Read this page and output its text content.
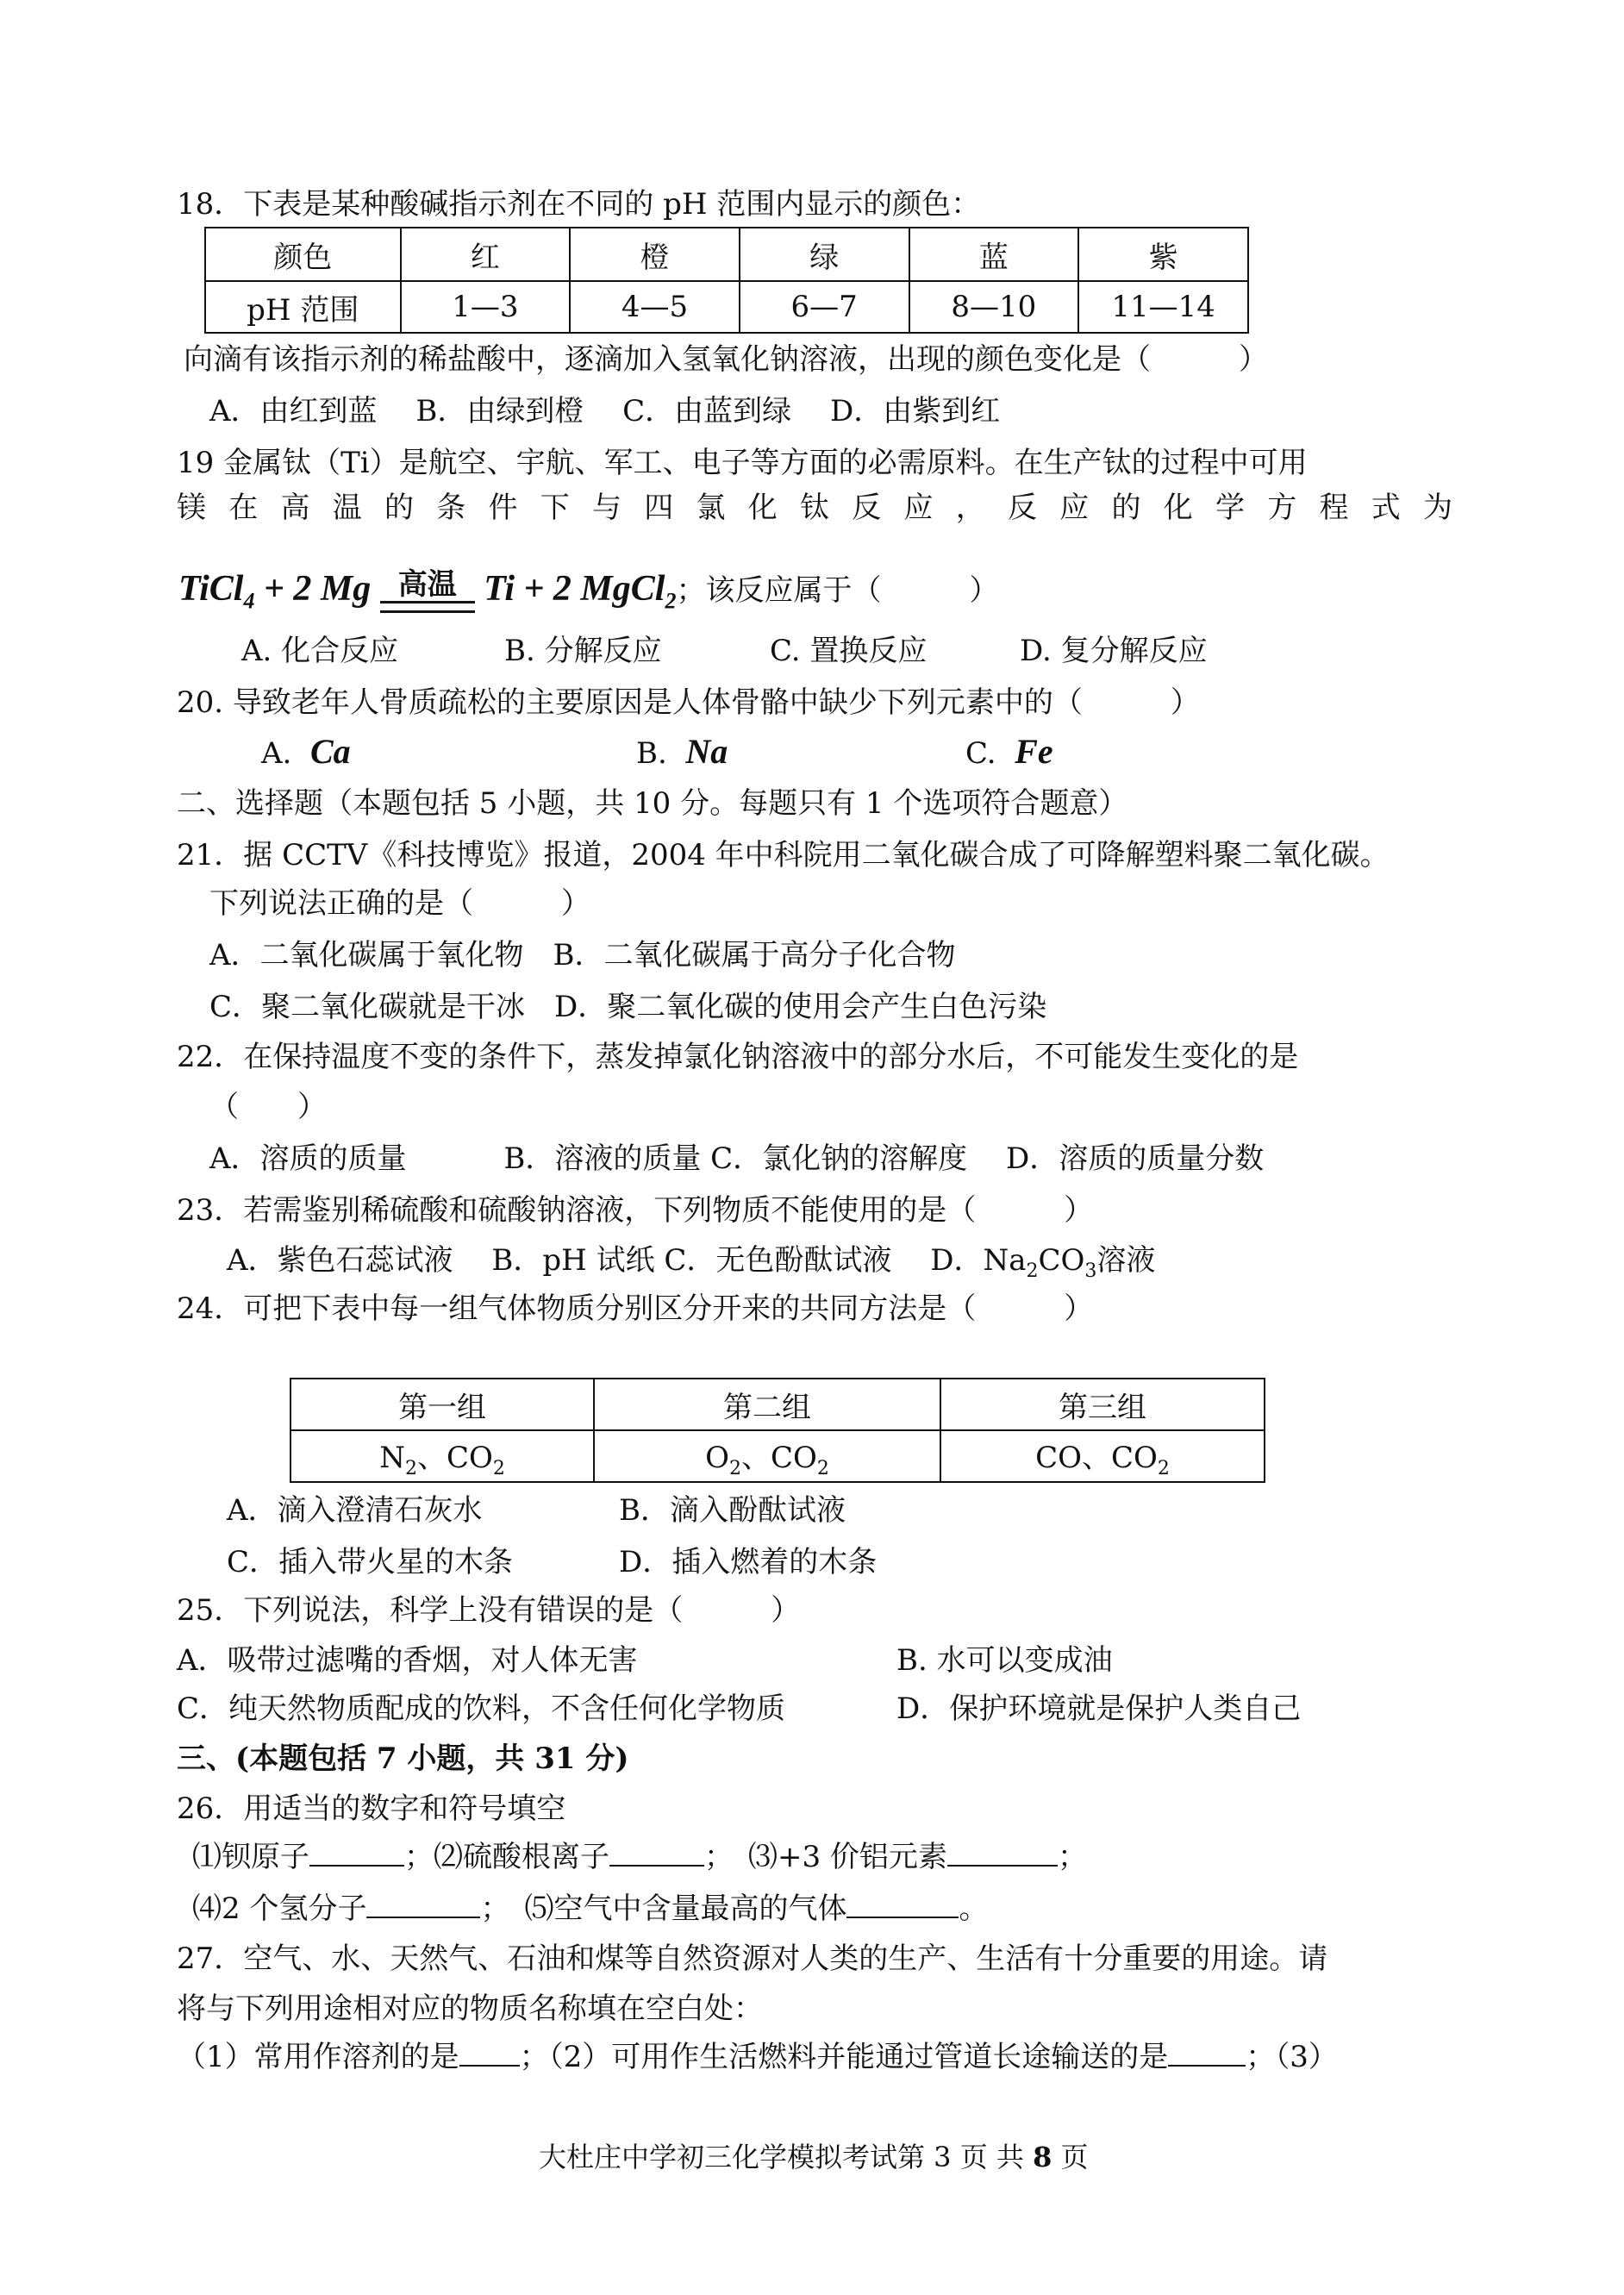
18．下表是某种酸碱指示剂在不同的 pH 范围内显示的颜色：
颜色	红	橙	绿	蓝	紫
pH 范围	1—3	4—5	6—7	8—10	11—14
向滴有该指示剂的稀盐酸中，逐滴加入氢氧化钠溶液，出现的颜色变化是（　　　）
A．由红到蓝　 B．由绿到橙　 C．由蓝到绿　 D．由紫到红
19 金属钛（Ti）是航空、宇航、军工、电子等方面的必需原料。在生产钛的过程中可用
镁 在 高 温 的 条 件 下 与 四 氯 化 钛 反 应 ， 反 应 的 化 学 方 程 式 为
TiCl$_4$ + 2 Mg 高温 Ti + 2 MgCl$_2$；该反应属于（　　　）
A. 化合反应	B. 分解反应	C. 置换反应	D. 复分解反应
20. 导致老年人骨质疏松的主要原因是人体骨骼中缺少下列元素中的（　　　）
A. Ca	B. Na	C. Fe
二、选择题（本题包括 5 小题，共 10 分。每题只有 1 个选项符合题意）
21．据 CCTV《科技博览》报道，2004 年中科院用二氧化碳合成了可降解塑料聚二氧化碳。
下列说法正确的是（　　　）
A．二氧化碳属于氧化物　B．二氧化碳属于高分子化合物
C．聚二氧化碳就是干冰　D．聚二氧化碳的使用会产生白色污染
22．在保持温度不变的条件下，蒸发掉氯化钠溶液中的部分水后，不可能发生变化的是
（　　）
A．溶质的质量　　　 B．溶液的质量 C．氯化钠的溶解度　 D．溶质的质量分数
23．若需鉴别稀硫酸和硫酸钠溶液，下列物质不能使用的是（　　　）
A．紫色石蕊试液　 B．pH 试纸 C．无色酚酞试液　 D．$Na_2CO_3$溶液
24．可把下表中每一组气体物质分别区分开来的共同方法是（　　　）
第一组	第二组	第三组
$N_2$、$CO_2$	$O_2$、$CO_2$	CO、$CO_2$
A．滴入澄清石灰水	B．滴入酚酞试液
C．插入带火星的木条	D．插入燃着的木条
25．下列说法，科学上没有错误的是（　　　）
A．吸带过滤嘴的香烟，对人体无害	B. 水可以变成油
C．纯天然物质配成的饮料，不含任何化学物质	D．保护环境就是保护人类自己
三、(本题包括 7 小题，共 31 分)
26．用适当的数字和符号填空
⑴钡原子	；⑵硫酸根离子	；　⑶+3 价铝元素	；
⑷2 个氢分子	；　⑸空气中含量最高的气体	。
27．空气、水、天然气、石油和煤等自然资源对人类的生产、生活有十分重要的用途。请
将与下列用途相对应的物质名称填在空白处：
（1）常用作溶剂的是 ；（2）可用作生活燃料并能通过管道长途输送的是	；（3）
大杜庄中学初三化学模拟考试第 3 页 共 8 页
